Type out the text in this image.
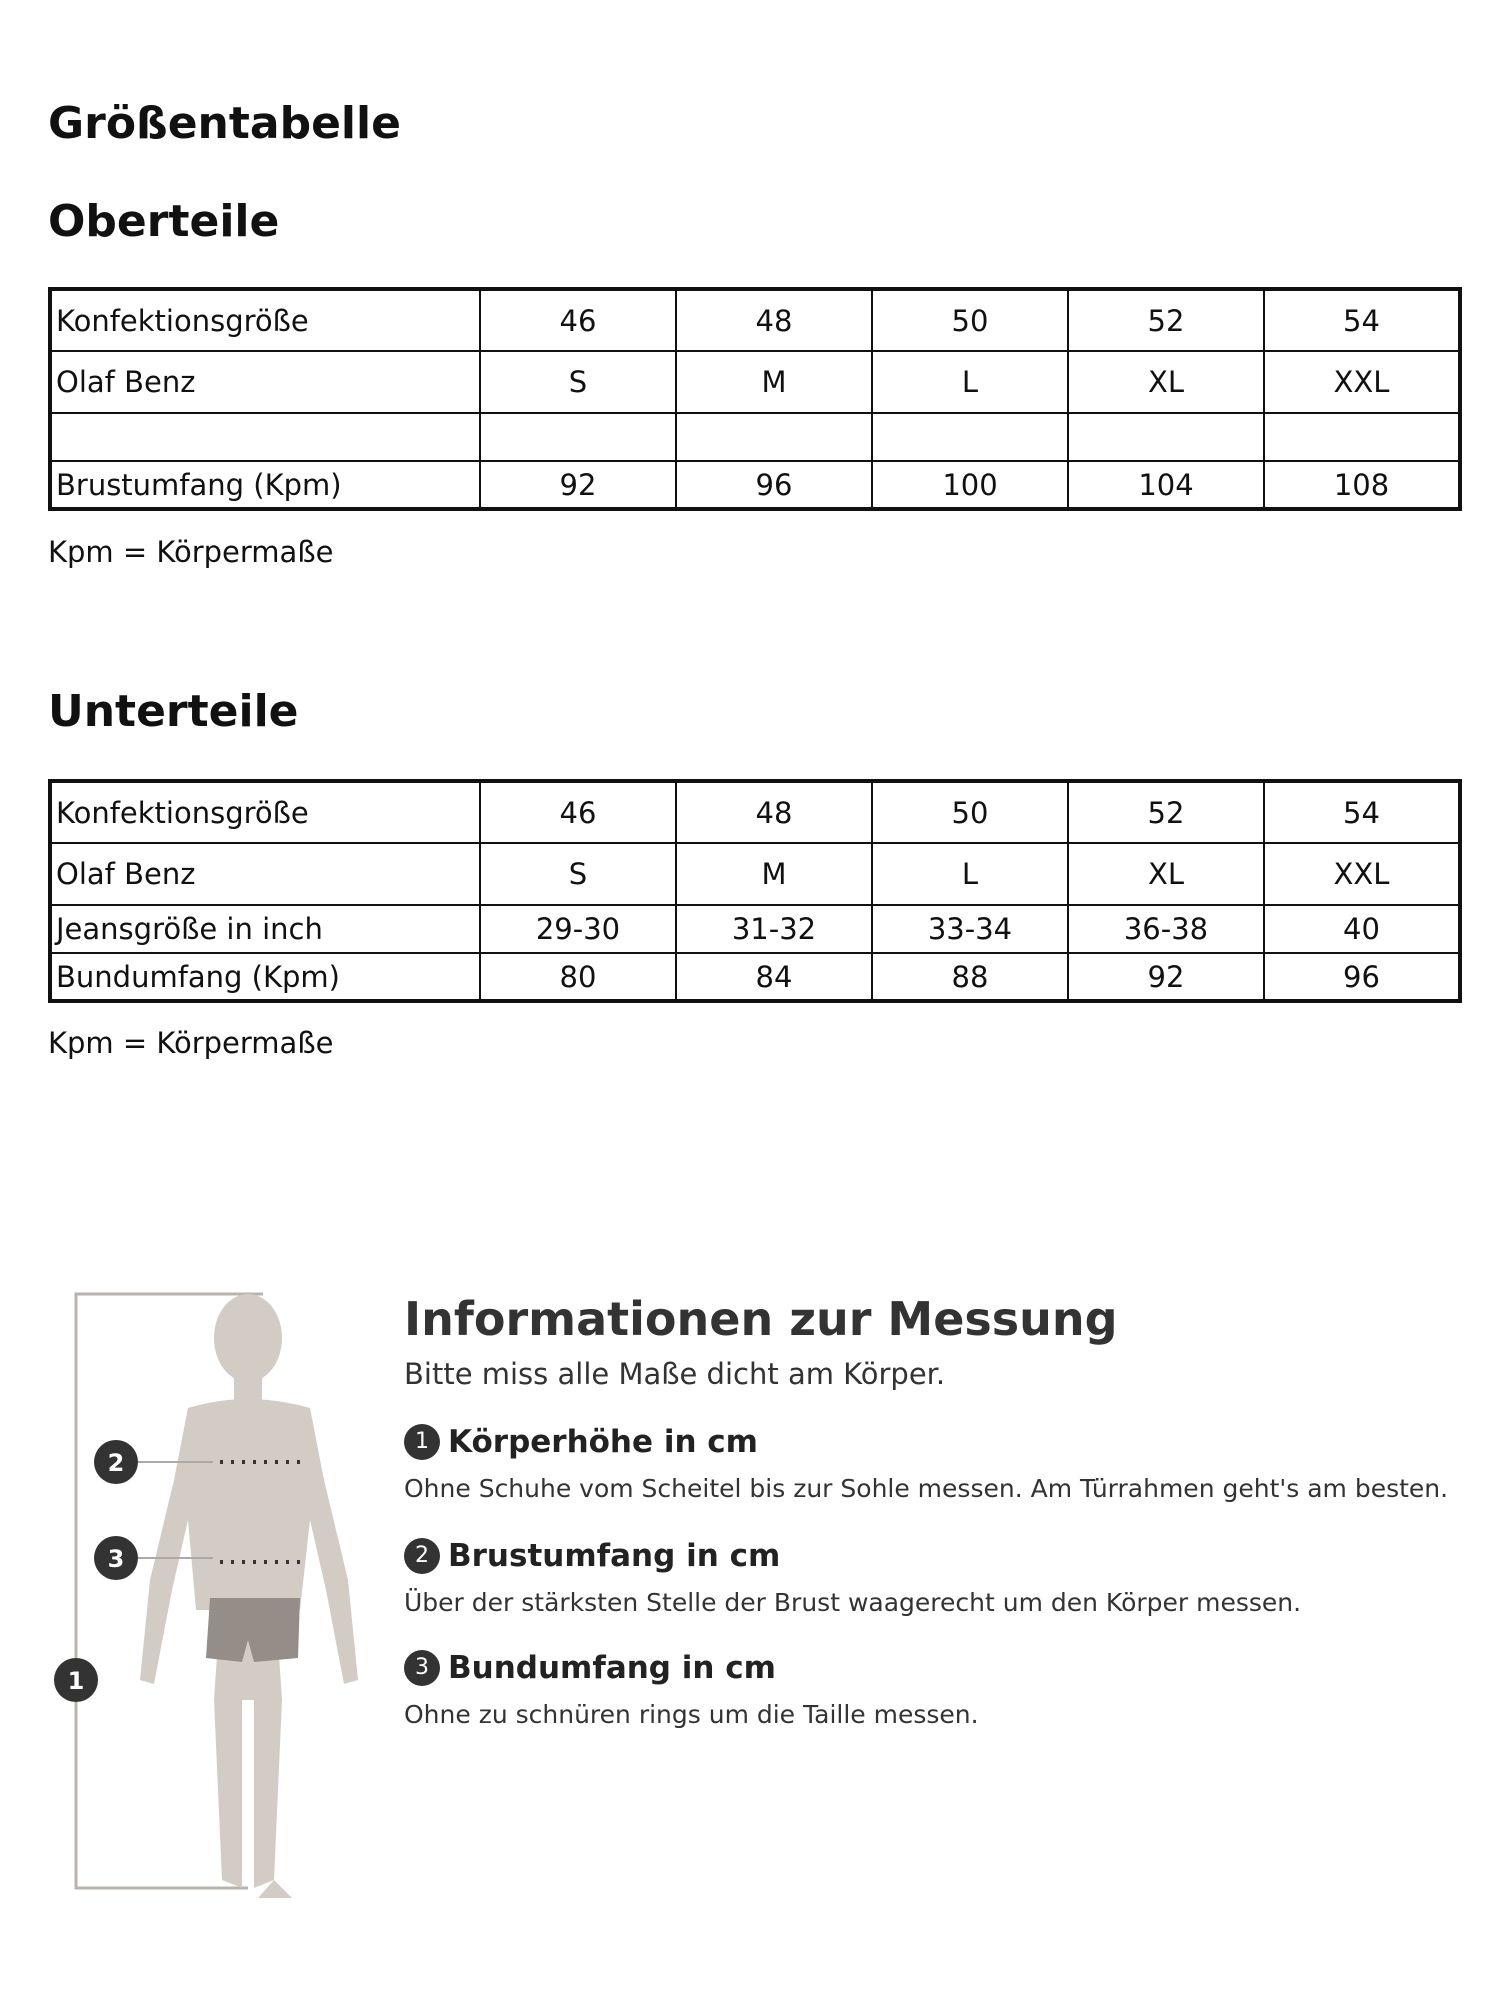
Größentabelle
Oberteile
Konfektionsgröße	46	48	50	52	54
Olaf Benz	S	M	L	XL	XXL

Brustumfang (Kpm)	92	96	100	104	108

Kpm = Körpermaße

Unterteile
Konfektionsgröße	46	48	50	52	54
Olaf Benz	S	M	L	XL	XXL
Jeansgröße in inch	29-30	31-32	33-34	36-38	40
Bundumfang (Kpm)	80	84	88	92	96

Kpm = Körpermaße

2
3
1
Informationen zur Messung

Bitte miss alle Maße dicht am Körper.

1 Körperhöhe in cm
Ohne Schuhe vom Scheitel bis zur Sohle messen. Am Türrahmen geht's am besten.
2 Brustumfang in cm
Über der stärksten Stelle der Brust waagerecht um den Körper messen.
3 Bundumfang in cm
Ohne zu schnüren rings um die Taille messen.
